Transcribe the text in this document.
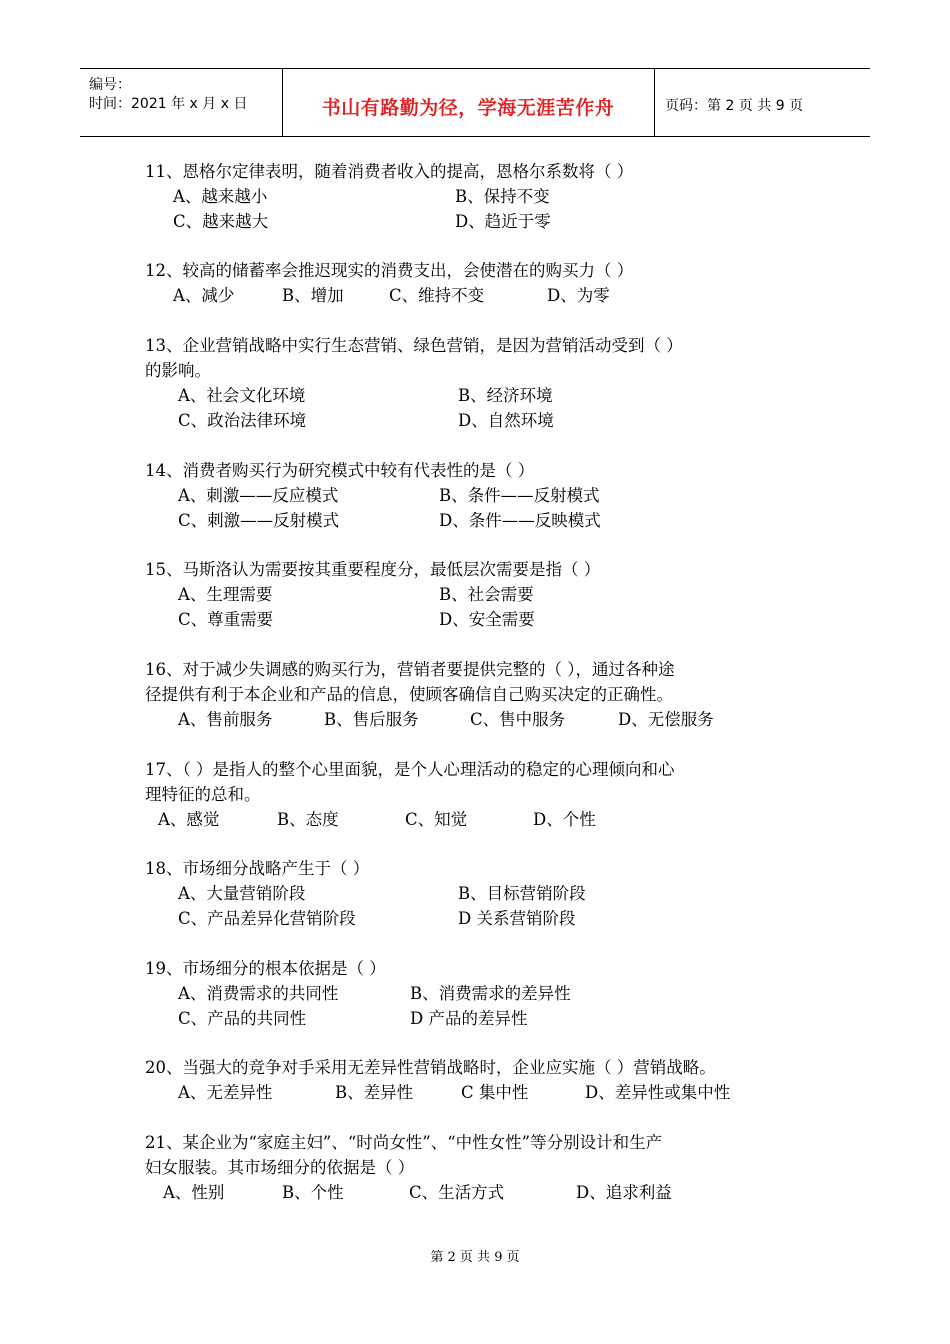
编号：
时间：2021 年 x 月 x 日	书山有路勤为径，学海无涯苦作舟	页码：第 2 页 共 9 页
11、恩格尔定律表明，随着消费者收入的提高，恩格尔系数将（ ）
A、越来越小	B、保持不变
C、越来越大	D、趋近于零
12、较高的储蓄率会推迟现实的消费支出，会使潜在的购买力（ ）
A、减少	B、增加	C、维持不变	D、为零
13、企业营销战略中实行生态营销、绿色营销，是因为营销活动受到（ ）
的影响。
A、社会文化环境	B、经济环境
C、政治法律环境	D、自然环境
14、消费者购买行为研究模式中较有代表性的是（ ）
A、刺激——反应模式	B、条件——反射模式
C、刺激——反射模式	D、条件——反映模式
15、马斯洛认为需要按其重要程度分，最低层次需要是指（ ）
A、生理需要	B、社会需要
C、尊重需要	D、安全需要
16、对于减少失调感的购买行为，营销者要提供完整的（ ），通过各种途
径提供有利于本企业和产品的信息，使顾客确信自己购买决定的正确性。
A、售前服务	B、售后服务	C、售中服务	D、无偿服务
17、（ ）是指人的整个心里面貌，是个人心理活动的稳定的心理倾向和心
理特征的总和。
A、感觉	B、态度	C、知觉	D、个性
18、市场细分战略产生于（ ）
A、大量营销阶段	B、目标营销阶段
C、产品差异化营销阶段	D 关系营销阶段
19、市场细分的根本依据是（ ）
A、消费需求的共同性	B、消费需求的差异性
C、产品的共同性	D 产品的差异性
20、当强大的竞争对手采用无差异性营销战略时，企业应实施（ ）营销战略。
A、无差异性	B、差异性	C 集中性	D、差异性或集中性
21、某企业为“家庭主妇”、“时尚女性”、“中性女性”等分别设计和生产
妇女服装。其市场细分的依据是（ ）
A、性别	B、个性	C、生活方式	D、追求利益
第 2 页 共 9 页
